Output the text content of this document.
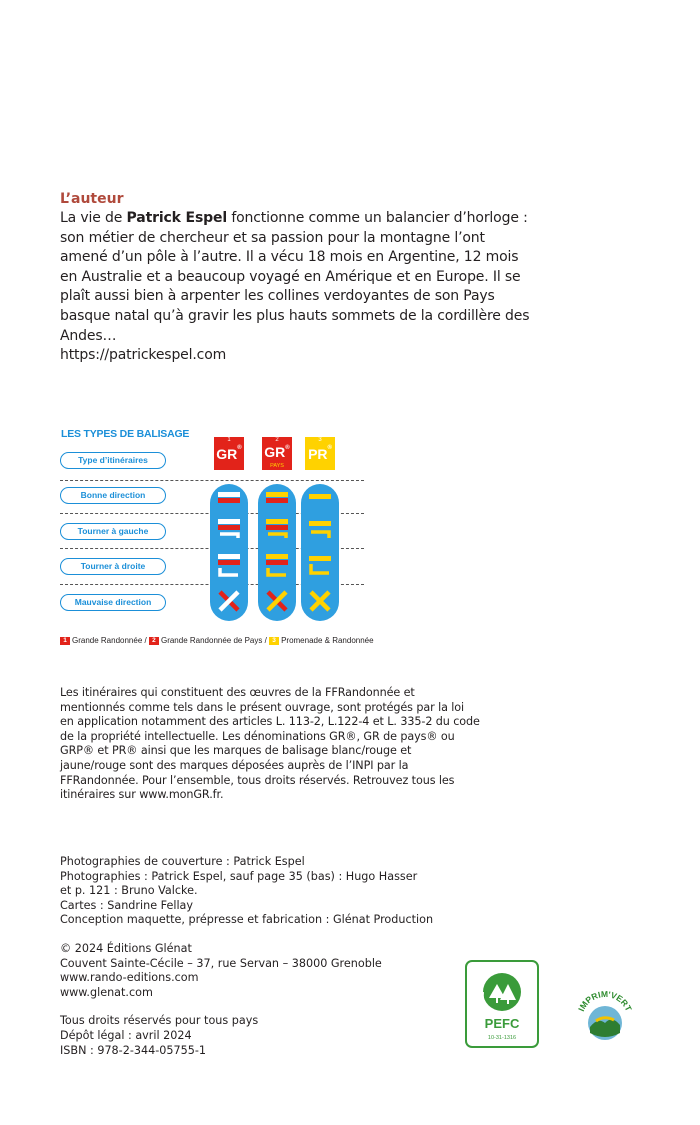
L’auteur
La vie de Patrick Espel fonctionne comme un balancier d’horloge : son métier de chercheur et sa passion pour la montagne l’ont amené d’un pôle à l’autre. Il a vécu 18 mois en Argentine, 12 mois en Australie et a beaucoup voyagé en Amérique et en Europe. Il se plaît aussi bien à arpenter les collines verdoyantes de son Pays basque natal qu’à gravir les plus hauts sommets de la cordillère des Andes…
https://patrickespel.com
LES TYPES DE BALISAGE
Type d’itinéraires
Bonne direction
Tourner à gauche
Tourner à droite
Mauvaise direction
1
GR®
2
GR®
PAYS
3
PR®
1 Grande Randonnée / 2 Grande Randonnée de Pays / 3 Promenade & Randonnée
Les itinéraires qui constituent des œuvres de la FFRandonnée et mentionnés comme tels dans le présent ouvrage, sont protégés par la loi en application notamment des articles L. 113-2, L.122-4 et L. 335-2 du code de la propriété intellectuelle. Les dénominations GR®, GR de pays® ou GRP® et PR® ainsi que les marques de balisage blanc/rouge et jaune/rouge sont des marques déposées auprès de l’INPI par la FFRandonnée. Pour l’ensemble, tous droits réservés. Retrouvez tous les itinéraires sur www.monGR.fr.

Photographies de couverture : Patrick Espel

Photographies : Patrick Espel, sauf page 35 (bas) : Hugo Hasser

et p. 121 : Bruno Valcke.

Cartes : Sandrine Fellay

Conception maquette, prépresse et fabrication : Glénat Production

© 2024 Éditions Glénat

Couvent Sainte-Cécile – 37, rue Servan – 38000 Grenoble

www.rando-editions.com

www.glenat.com

Tous droits réservés pour tous pays

Dépôt légal : avril 2024

ISBN : 978-2-344-05755-1

PEFC
10-31-1316
IMPRIM'VERT
